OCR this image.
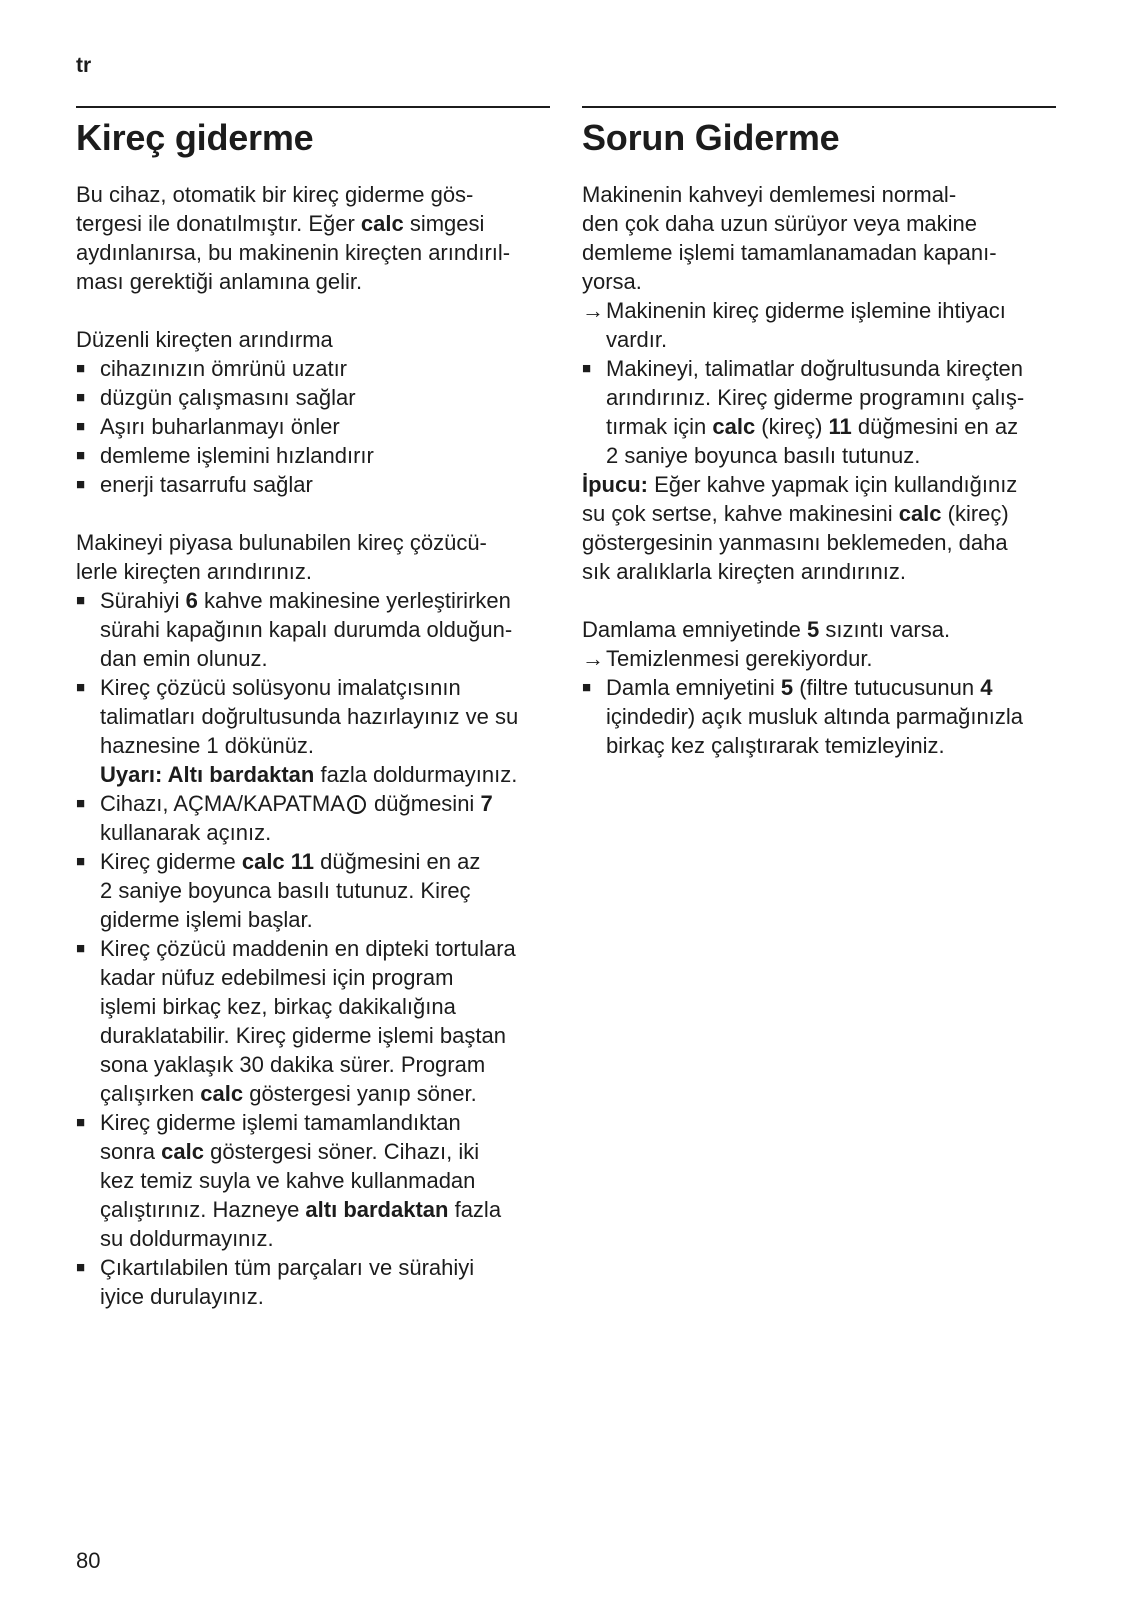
tr
Kireç giderme

Bu cihaz, otomatik bir kireç giderme gös-
tergesi ile donatılmıştır. Eğer calc simgesi
aydınlanırsa, bu makinenin kireçten arındırıl-
ması gerektiği anlamına gelir.

Düzenli kireçten arındırma

■ cihazınızın ömrünü uzatır
■ düzgün çalışmasını sağlar
■ Aşırı buharlanmayı önler
■ demleme işlemini hızlandırır
■ enerji tasarrufu sağlar

Makineyi piyasa bulunabilen kireç çözücü-
lerle kireçten arındırınız.

■ Sürahiyi 6 kahve makinesine yerleştirirken
sürahi kapağının kapalı durumda olduğun-
dan emin olunuz.
■ Kireç çözücü solüsyonu imalatçısının
talimatları doğrultusunda hazırlayınız ve su
haznesine 1 dökünüz.
Uyarı: Altı bardaktan fazla doldurmayınız.
■ Cihazı, AÇMA/KAPATMA düğmesini 7
kullanarak açınız.
■ Kireç giderme calc 11 düğmesini en az
2 saniye boyunca basılı tutunuz. Kireç
giderme işlemi başlar.
■ Kireç çözücü maddenin en dipteki tortulara
kadar nüfuz edebilmesi için program
işlemi birkaç kez, birkaç dakikalığına
duraklatabilir. Kireç giderme işlemi baştan
sona yaklaşık 30 dakika sürer. Program
çalışırken calc göstergesi yanıp söner.
■ Kireç giderme işlemi tamamlandıktan
sonra calc göstergesi söner. Cihazı, iki
kez temiz suyla ve kahve kullanmadan
çalıştırınız. Hazneye altı bardaktan fazla
su doldurmayınız.
■ Çıkartılabilen tüm parçaları ve sürahiyi
iyice durulayınız.
Sorun Giderme

Makinenin kahveyi demlemesi normal-
den çok daha uzun sürüyor veya makine
demleme işlemi tamamlanamadan kapanı-
yorsa.

→ Makinenin kireç giderme işlemine ihtiyacı
vardır.
■ Makineyi, talimatlar doğrultusunda kireçten
arındırınız. Kireç giderme programını çalış-
tırmak için calc (kireç) 11 düğmesini en az
2 saniye boyunca basılı tutunuz.

İpucu: Eğer kahve yapmak için kullandığınız
su çok sertse, kahve makinesini calc (kireç)
göstergesinin yanmasını beklemeden, daha
sık aralıklarla kireçten arındırınız.

Damlama emniyetinde 5 sızıntı varsa.

→ Temizlenmesi gerekiyordur.
■ Damla emniyetini 5 (filtre tutucusunun 4
içindedir) açık musluk altında parmağınızla
birkaç kez çalıştırarak temizleyiniz.
80
